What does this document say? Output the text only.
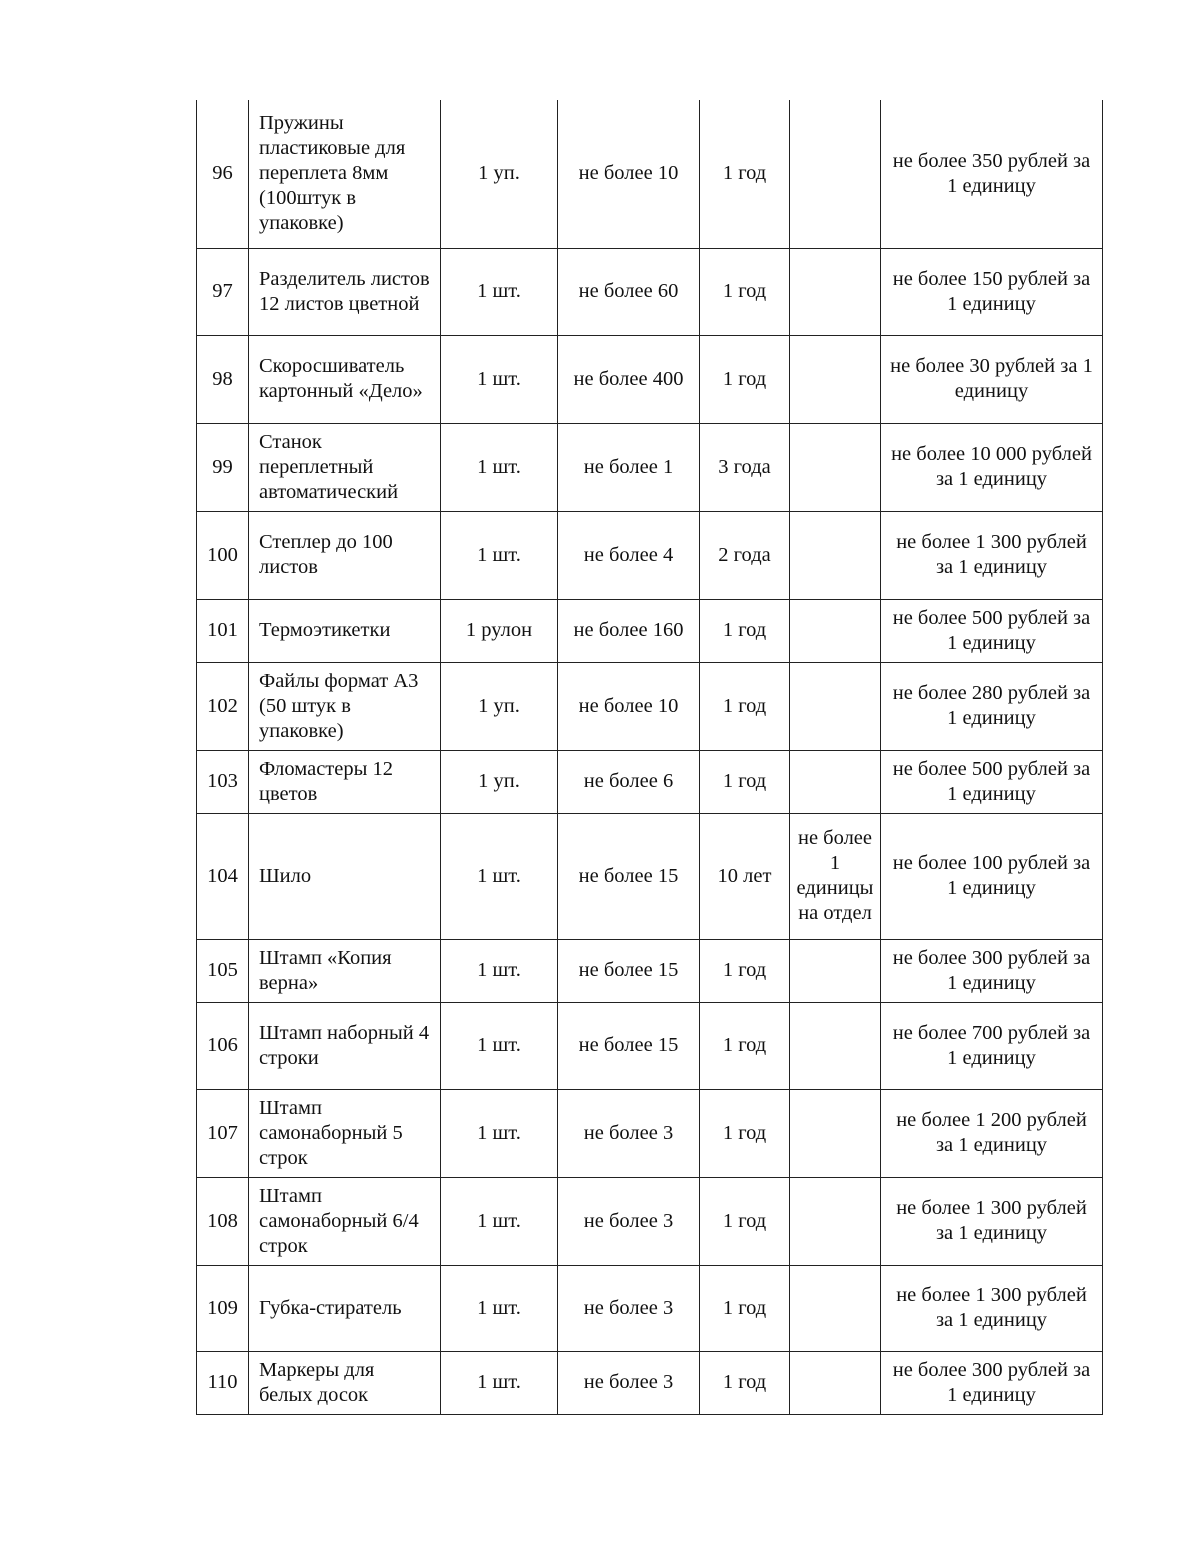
96	Пружины пластиковые для переплета 8мм (100штук в упаковке)	1 уп.	не более 10	1 год		не более 350 рублей за 1 единицу
97	Разделитель листов 12 листов цветной	1 шт.	не более 60	1 год		не более 150 рублей за 1 единицу
98	Скоросшиватель картонный «Дело»	1 шт.	не более 400	1 год		не более 30 рублей за 1 единицу
99	Станок переплетный автоматический	1 шт.	не более 1	3 года		не более 10 000 рублей за 1 единицу
100	Степлер до 100 листов	1 шт.	не более 4	2 года		не более 1 300 рублей за 1 единицу
101	Термоэтикетки	1 рулон	не более 160	1 год		не более 500 рублей за 1 единицу
102	Файлы формат А3 (50 штук в упаковке)	1 уп.	не более 10	1 год		не более 280 рублей за 1 единицу
103	Фломастеры 12 цветов	1 уп.	не более 6	1 год		не более 500 рублей за 1 единицу
104	Шило	1 шт.	не более 15	10 лет	не более 1 единицы на отдел	не более 100 рублей за 1 единицу
105	Штамп «Копия верна»	1 шт.	не более 15	1 год		не более 300 рублей за 1 единицу
106	Штамп наборный 4 строки	1 шт.	не более 15	1 год		не более 700 рублей за 1 единицу
107	Штамп самонаборный 5 строк	1 шт.	не более 3	1 год		не более 1 200 рублей за 1 единицу
108	Штамп самонаборный 6/4 строк	1 шт.	не более 3	1 год		не более 1 300 рублей за 1 единицу
109	Губка-стиратель	1 шт.	не более 3	1 год		не более 1 300 рублей за 1 единицу
110	Маркеры для белых досок	1 шт.	не более 3	1 год		не более 300 рублей за 1 единицу
